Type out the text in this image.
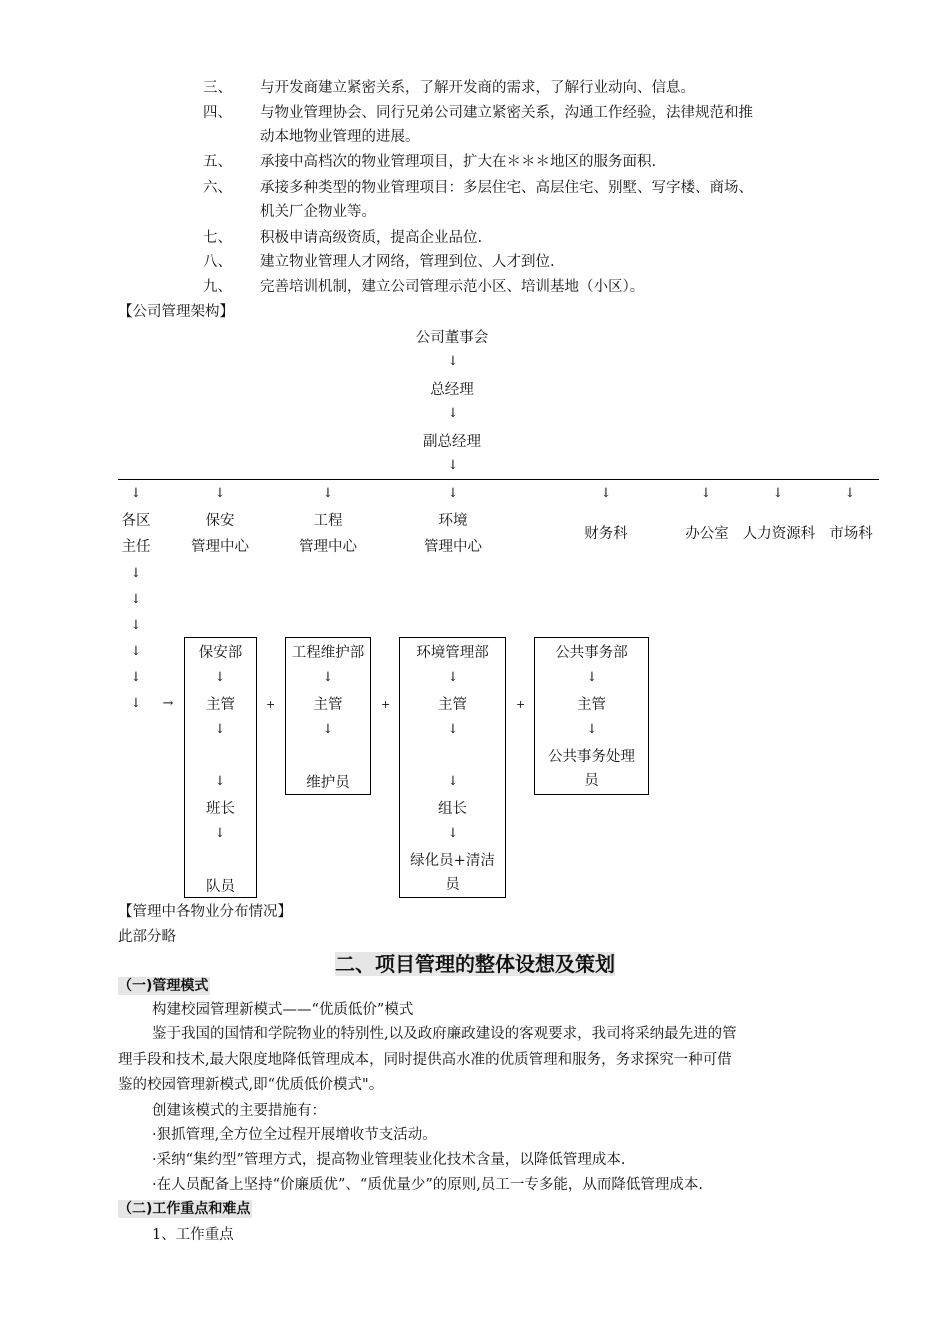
三、 与开发商建立紧密关系，了解开发商的需求，了解行业动向、信息。
四、 与物业管理协会、同行兄弟公司建立紧密关系，沟通工作经验，法律规范和推
动本地物业管理的进展。
五、 承接中高档次的物业管理项目，扩大在＊＊＊地区的服务面积.
六、 承接多种类型的物业管理项目：多层住宅、高层住宅、别墅、写字楼、商场、
机关厂企物业等。
七、 积极申请高级资质，提高企业品位.
八、 建立物业管理人才网络，管理到位、人才到位.
九、 完善培训机制，建立公司管理示范小区、培训基地（小区）。
【公司管理架构】
公司董事会
↓
总经理
↓
副总经理
↓
↓	↓	↓	↓	↓	↓	↓	↓
各区
主任
保安
管理中心
工程
管理中心
环境
管理中心
财务科	办公室 人力资源科 市场科
↓
↓
↓
↓
↓
↓	→
保安部
↓
主管
↓
↓
班长
↓
队员
+
工程维护部
↓
主管
↓
维护员
+
环境管理部
↓
主管
↓
↓
组长
↓
绿化员+清洁
员
+
公共事务部
↓
主管
↓
公共事务处理
员
【管理中各物业分布情况】
此部分略
二、项目管理的整体设想及策划
（一)管理模式
构建校园管理新模式——“优质低价”模式
鉴于我国的国情和学院物业的特别性,以及政府廉政建设的客观要求，我司将采纳最先进的管
理手段和技术,最大限度地降低管理成本，同时提供高水准的优质管理和服务，务求探究一种可借
鉴的校园管理新模式,即“优质低价模式"。
创建该模式的主要措施有：
·狠抓管理,全方位全过程开展增收节支活动。
·采纳“集约型”管理方式，提高物业管理装业化技术含量，以降低管理成本.
·在人员配备上坚持“价廉质优”、“质优量少”的原则,员工一专多能，从而降低管理成本.
（二)工作重点和难点
1、工作重点
